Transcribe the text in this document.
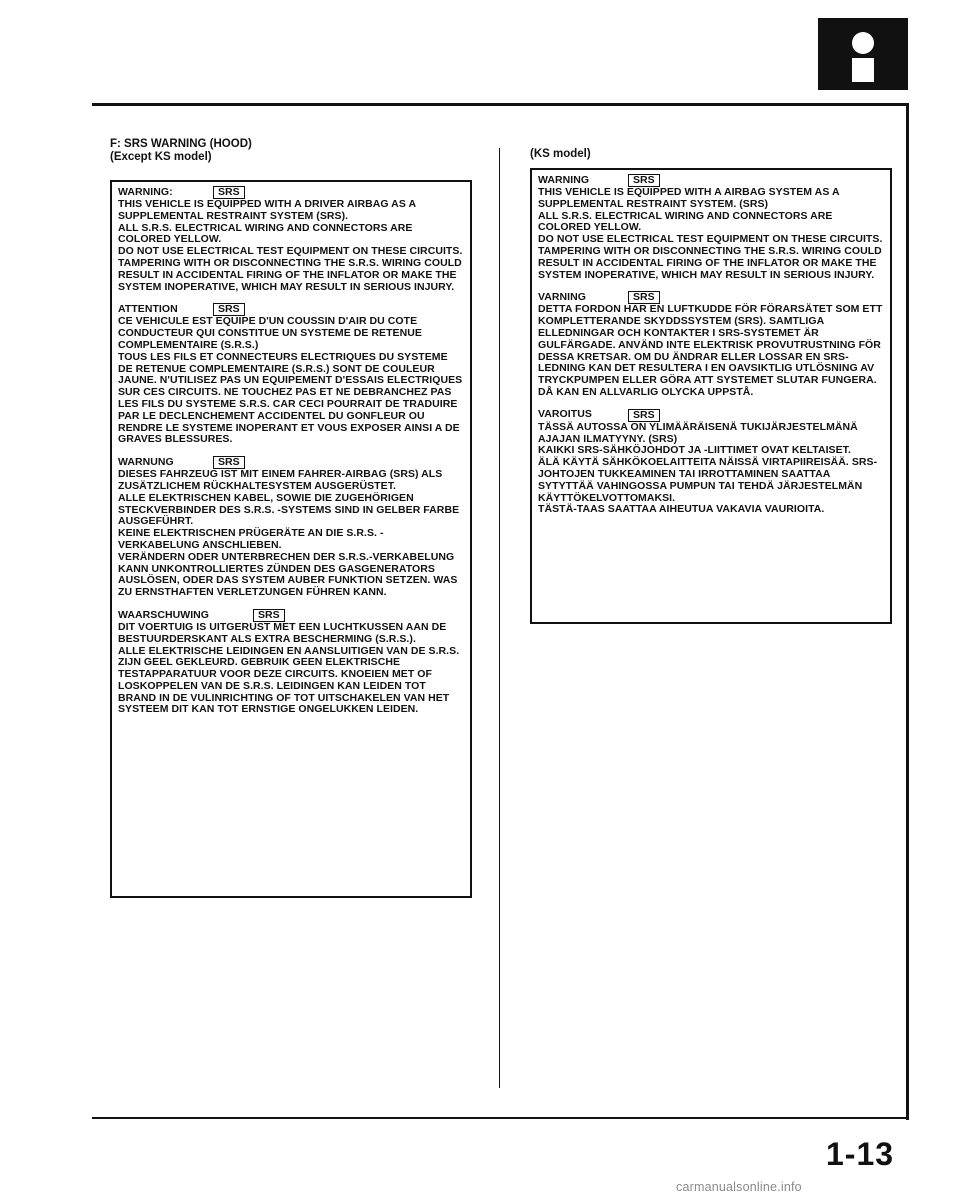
F: SRS WARNING (HOOD)
(Except KS model)	(KS model)
WARNING:	SRS
THIS VEHICLE IS EQUIPPED WITH A DRIVER AIRBAG AS A SUPPLEMENTAL RESTRAINT SYSTEM (SRS).
ALL S.R.S. ELECTRICAL WIRING AND CONNECTORS ARE COLORED YELLOW.
DO NOT USE ELECTRICAL TEST EQUIPMENT ON THESE CIRCUITS.
TAMPERING WITH OR DISCONNECTING THE S.R.S. WIRING COULD RESULT IN ACCIDENTAL FIRING OF THE INFLATOR OR MAKE THE SYSTEM INOPERATIVE, WHICH MAY RESULT IN SERIOUS INJURY.
ATTENTION	SRS
CE VEHICULE EST EQUIPE D'UN COUSSIN D'AIR DU COTE CONDUCTEUR QUI CONSTITUE UN SYSTEME DE RETENUE COMPLEMENTAIRE (S.R.S.)
TOUS LES FILS ET CONNECTEURS ELECTRIQUES DU SYSTEME DE RETENUE COMPLEMENTAIRE (S.R.S.) SONT DE COULEUR JAUNE. N'UTILISEZ PAS UN EQUIPEMENT D'ESSAIS ELECTRIQUES SUR CES CIRCUITS. NE TOUCHEZ PAS ET NE DEBRANCHEZ PAS LES FILS DU SYSTEME S.R.S. CAR CECI POURRAIT DE TRADUIRE PAR LE DECLENCHEMENT ACCIDENTEL DU GONFLEUR OU RENDRE LE SYSTEME INOPERANT ET VOUS EXPOSER AINSI A DE GRAVES BLESSURES.
WARNUNG	SRS
DIESES FAHRZEUG IST MIT EINEM FAHRER-AIRBAG (SRS) ALS ZUSÄTZLICHEM RÜCKHALTESYSTEM AUSGERÜSTET.
ALLE ELEKTRISCHEN KABEL, SOWIE DIE ZUGEHÖRIGEN STECKVERBINDER DES S.R.S. -SYSTEMS SIND IN GELBER FARBE AUSGEFÜHRT.
KEINE ELEKTRISCHEN PRÜGERÄTE AN DIE S.R.S. -VERKABELUNG ANSCHLIEBEN.
VERÄNDERN ODER UNTERBRECHEN DER S.R.S.-VERKABELUNG KANN UNKONTROLLIERTES ZÜNDEN DES GASGENERATORS AUSLÖSEN, ODER DAS SYSTEM AUBER FUNKTION SETZEN. WAS ZU ERNSTHAFTEN VERLETZUNGEN FÜHREN KANN.
WAARSCHUWING	SRS
DIT VOERTUIG IS UITGERUST MET EEN LUCHTKUSSEN AAN DE BESTUURDERSKANT ALS EXTRA BESCHERMING (S.R.S.).
ALLE ELEKTRISCHE LEIDINGEN EN AANSLUITIGEN VAN DE S.R.S. ZIJN GEEL GEKLEURD. GEBRUIK GEEN ELEKTRISCHE TESTAPPARATUUR VOOR DEZE CIRCUITS. KNOEIEN MET OF LOSKOPPELEN VAN DE S.R.S. LEIDINGEN KAN LEIDEN TOT BRAND IN DE VULINRICHTING OF TOT UITSCHAKELEN VAN HET SYSTEEM DIT KAN TOT ERNSTIGE ONGELUKKEN LEIDEN.
WARNING	SRS
THIS VEHICLE IS EQUIPPED WITH A AIRBAG SYSTEM AS A SUPPLEMENTAL RESTRAINT SYSTEM. (SRS)
ALL S.R.S. ELECTRICAL WIRING AND CONNECTORS ARE COLORED YELLOW.
DO NOT USE ELECTRICAL TEST EQUIPMENT ON THESE CIRCUITS.
TAMPERING WITH OR DISCONNECTING THE S.R.S. WIRING COULD RESULT IN ACCIDENTAL FIRING OF THE INFLATOR OR MAKE THE SYSTEM INOPERATIVE, WHICH MAY RESULT IN SERIOUS INJURY.
VARNING	SRS
DETTA FORDON HAR EN LUFTKUDDE FÖR FÖRARSÄTET SOM ETT KOMPLETTERANDE SKYDDSSYSTEM (SRS). SAMTLIGA ELLEDNINGAR OCH KONTAKTER I SRS-SYSTEMET ÄR GULFÄRGADE. ANVÄND INTE ELEKTRISK PROVUTRUSTNING FÖR DESSA KRETSAR. OM DU ÄNDRAR ELLER LOSSAR EN SRS-LEDNING KAN DET RESULTERA I EN OAVSIKTLIG UTLÖSNING AV TRYCKPUMPEN ELLER GÖRA ATT SYSTEMET SLUTAR FUNGERA. DÅ KAN EN ALLVARLIG OLYCKA UPPSTÅ.
VAROITUS	SRS
TÄSSÄ AUTOSSA ON YLIMÄÄRÄISENÄ TUKIJÄRJESTELMÄNÄ AJAJAN ILMATYYNY. (SRS)
KAIKKI SRS-SÄHKÖJOHDOT JA -LIITTIMET OVAT KELTAISET.
ÄLÄ KÄYTÄ SÄHKÖKOELAITTEITA NÄISSÄ VIRTAPIIREISÄÄ. SRS-JOHTOJEN TUKKEAMINEN TAI IRROTTAMINEN SAATTAA SYTYTTÄÄ VAHINGOSSA PUMPUN TAI TEHDÄ JÄRJESTELMÄN KÄYTTÖKELVOTTOMAKSI.
TÄSTÄ-TAAS SAATTAA AIHEUTUA VAKAVIA VAURIOITA.
1-13
carmanualsonline.info
